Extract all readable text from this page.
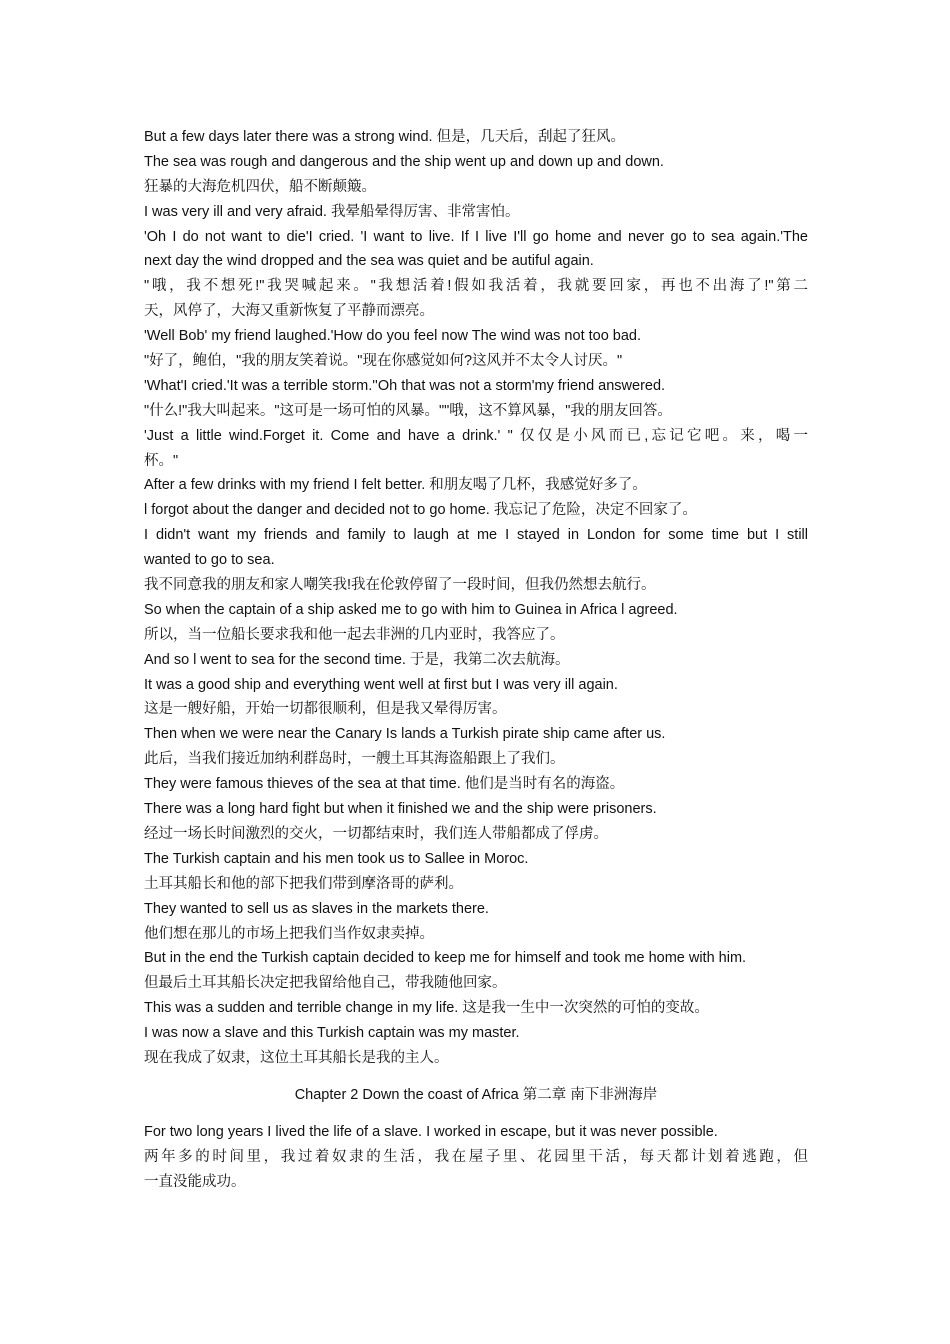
But a few days later there was a strong wind. 但是，几天后，刮起了狂风。
The sea was rough and dangerous and the ship went up and down up and down.
狂暴的大海危机四伏，船不断颠簸。
I was very ill and very afraid. 我晕船晕得厉害、非常害怕。
'Oh I do not want to die'I cried. 'I want to live. If I live I'll go home and never go to sea again.'The
next day the wind dropped and the sea was quiet and be autiful again.
"哦，我不想死!"我哭喊起来。"我想活着!假如我活着，我就要回家，再也不出海了!"第二
天，风停了，大海又重新恢复了平静而漂亮。
'Well Bob' my friend laughed.'How do you feel now The wind was not too bad.
"好了，鲍伯，"我的朋友笑着说。"现在你感觉如何?这风并不太令人讨厌。"
'What'I cried.'It was a terrible storm.''Oh that was not a storm'my friend answered.
"什么!"我大叫起来。"这可是一场可怕的风暴。""哦，这不算风暴，"我的朋友回答。
'Just a little wind.Forget it. Come and have a drink.' " 仅仅是小风而已,忘记它吧。来，喝一
杯。"
After a few drinks with my friend I felt better. 和朋友喝了几杯，我感觉好多了。
l forgot about the danger and decided not to go home. 我忘记了危险，决定不回家了。
I didn't want my friends and family to laugh at me I stayed in London for some time but I still
wanted to go to sea.
我不同意我的朋友和家人嘲笑我!我在伦敦停留了一段时间，但我仍然想去航行。
So when the captain of a ship asked me to go with him to Guinea in Africa l agreed.
所以，当一位船长要求我和他一起去非洲的几内亚时，我答应了。
And so l went to sea for the second time. 于是，我第二次去航海。
It was a good ship and everything went well at first but I was very ill again.
这是一艘好船，开始一切都很顺利，但是我又晕得厉害。
Then when we were near the Canary Is lands a Turkish pirate ship came after us.
此后，当我们接近加纳利群岛时，一艘土耳其海盗船跟上了我们。
They were famous thieves of the sea at that time. 他们是当时有名的海盗。
There was a long hard fight but when it finished we and the ship were prisoners.
经过一场长时间激烈的交火，一切都结束时，我们连人带船都成了俘虏。
The Turkish captain and his men took us to Sallee in Moroc.
土耳其船长和他的部下把我们带到摩洛哥的萨利。
They wanted to sell us as slaves in the markets there.
他们想在那儿的市场上把我们当作奴隶卖掉。
But in the end the Turkish captain decided to keep me for himself and took me home with him.
但最后土耳其船长决定把我留给他自己，带我随他回家。
This was a sudden and terrible change in my life. 这是我一生中一次突然的可怕的变故。
I was now a slave and this Turkish captain was my master.
现在我成了奴隶，这位土耳其船长是我的主人。
Chapter 2 Down the coast of Africa 第二章 南下非洲海岸
For two long years I lived the life of a slave. I worked in escape, but it was never possible.
两年多的时间里，我过着奴隶的生活，我在屋子里、花园里干活，每天都计划着逃跑，但
一直没能成功。
